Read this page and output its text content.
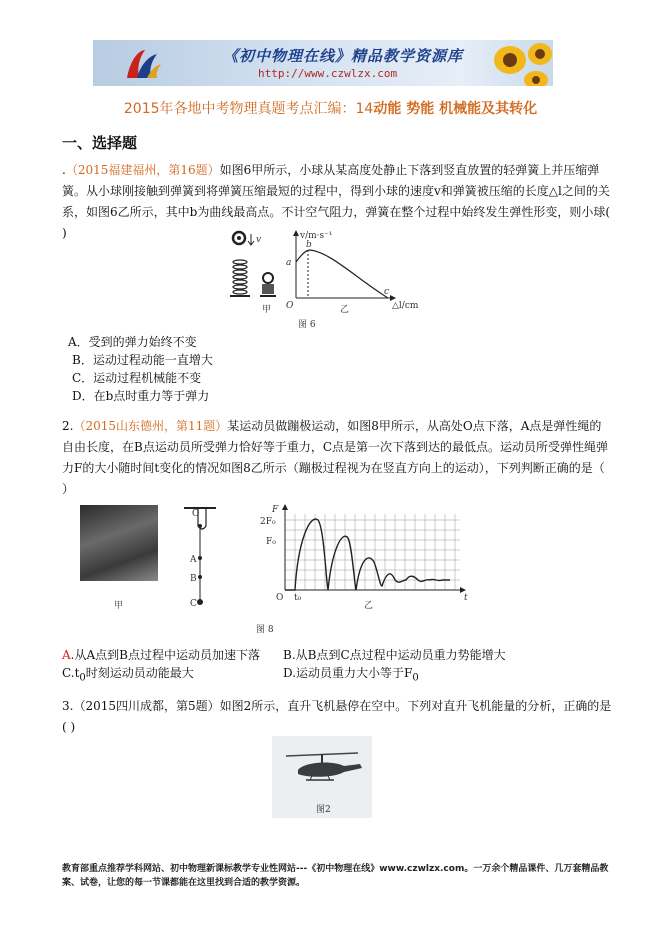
《初中物理在线》精品教学资源库
http://www.czwlzx.com
2015年各地中考物理真题考点汇编：14动能 势能 机械能及其转化
一、选择题
.（2015福建福州，第16题）如图6甲所示，小球从某高度处静止下落到竖直放置的轻弹簧上并压缩弹簧。从小球刚接触到弹簧到将弹簧压缩最短的过程中，得到小球的速度v和弹簧被压缩的长度△l之间的关系，如图6乙所示，其中b为曲线最高点。不计空气阻力，弹簧在整个过程中始终发生弹性形变，则小球( )	v
甲
v/m·s⁻¹
a
b
c
O	△l/cm
乙
图 6
A．受到的弹力始终不变
B．运动过程动能一直增大
C．运动过程机械能不变
D．在b点时重力等于弹力
2.（2015山东德州，第11题）某运动员做蹦极运动，如图8甲所示，从高处O点下落，A点是弹性绳的自由长度，在B点运动员所受弹力恰好等于重力，C点是第一次下落到达的最低点。运动员所受弹性绳弹力F的大小随时间t变化的情况如图8乙所示（蹦极过程视为在竖直方向上的运动），下列判断正确的是（ ）
甲
O
A
B
C
F
2F₀
F₀
O t₀	t
乙
图 8
A.从A点到B点过程中运动员加速下落 B.从B点到C点过程中运动员重力势能增大
$C.t_0$时刻运动员动能最大	D.运动员重力大小等于$F_0$
3.（2015四川成都，第5题）如图2所示，直升飞机悬停在空中。下列对直升飞机能量的分析，正确的是( )
图2
教育部重点推荐学科网站、初中物理新课标教学专业性网站---《初中物理在线》www.czwlzx.com。一万余个精品课件、几万套精品教案、试卷，让您的每一节课都能在这里找到合适的教学资源。
